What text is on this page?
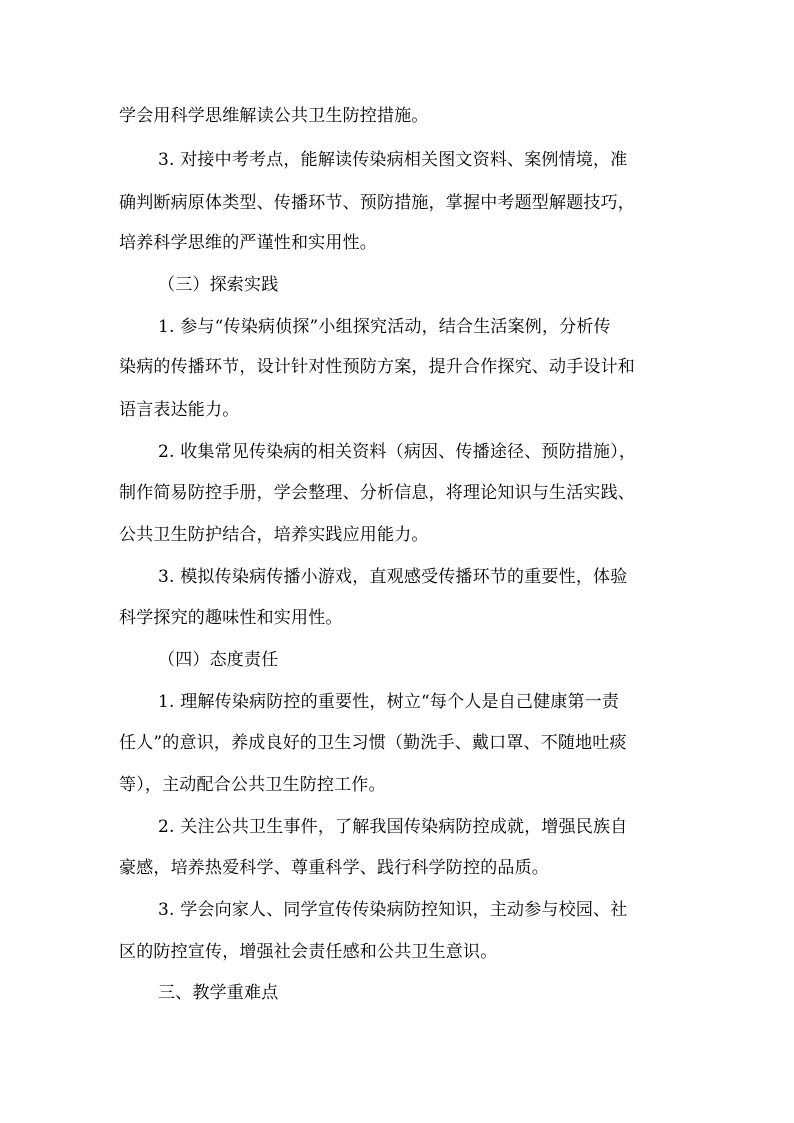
学会用科学思维解读公共卫生防控措施。
3. 对接中考考点，能解读传染病相关图文资料、案例情境，准
确判断病原体类型、传播环节、预防措施，掌握中考题型解题技巧，
培养科学思维的严谨性和实用性。
（三）探索实践
1. 参与“传染病侦探”小组探究活动，结合生活案例，分析传
染病的传播环节，设计针对性预防方案，提升合作探究、动手设计和
语言表达能力。
2. 收集常见传染病的相关资料（病因、传播途径、预防措施），
制作简易防控手册，学会整理、分析信息，将理论知识与生活实践、
公共卫生防护结合，培养实践应用能力。
3. 模拟传染病传播小游戏，直观感受传播环节的重要性，体验
科学探究的趣味性和实用性。
（四）态度责任
1. 理解传染病防控的重要性，树立“每个人是自己健康第一责
任人”的意识，养成良好的卫生习惯（勤洗手、戴口罩、不随地吐痰
等），主动配合公共卫生防控工作。
2. 关注公共卫生事件，了解我国传染病防控成就，增强民族自
豪感，培养热爱科学、尊重科学、践行科学防控的品质。
3. 学会向家人、同学宣传传染病防控知识，主动参与校园、社
区的防控宣传，增强社会责任感和公共卫生意识。
三、教学重难点
